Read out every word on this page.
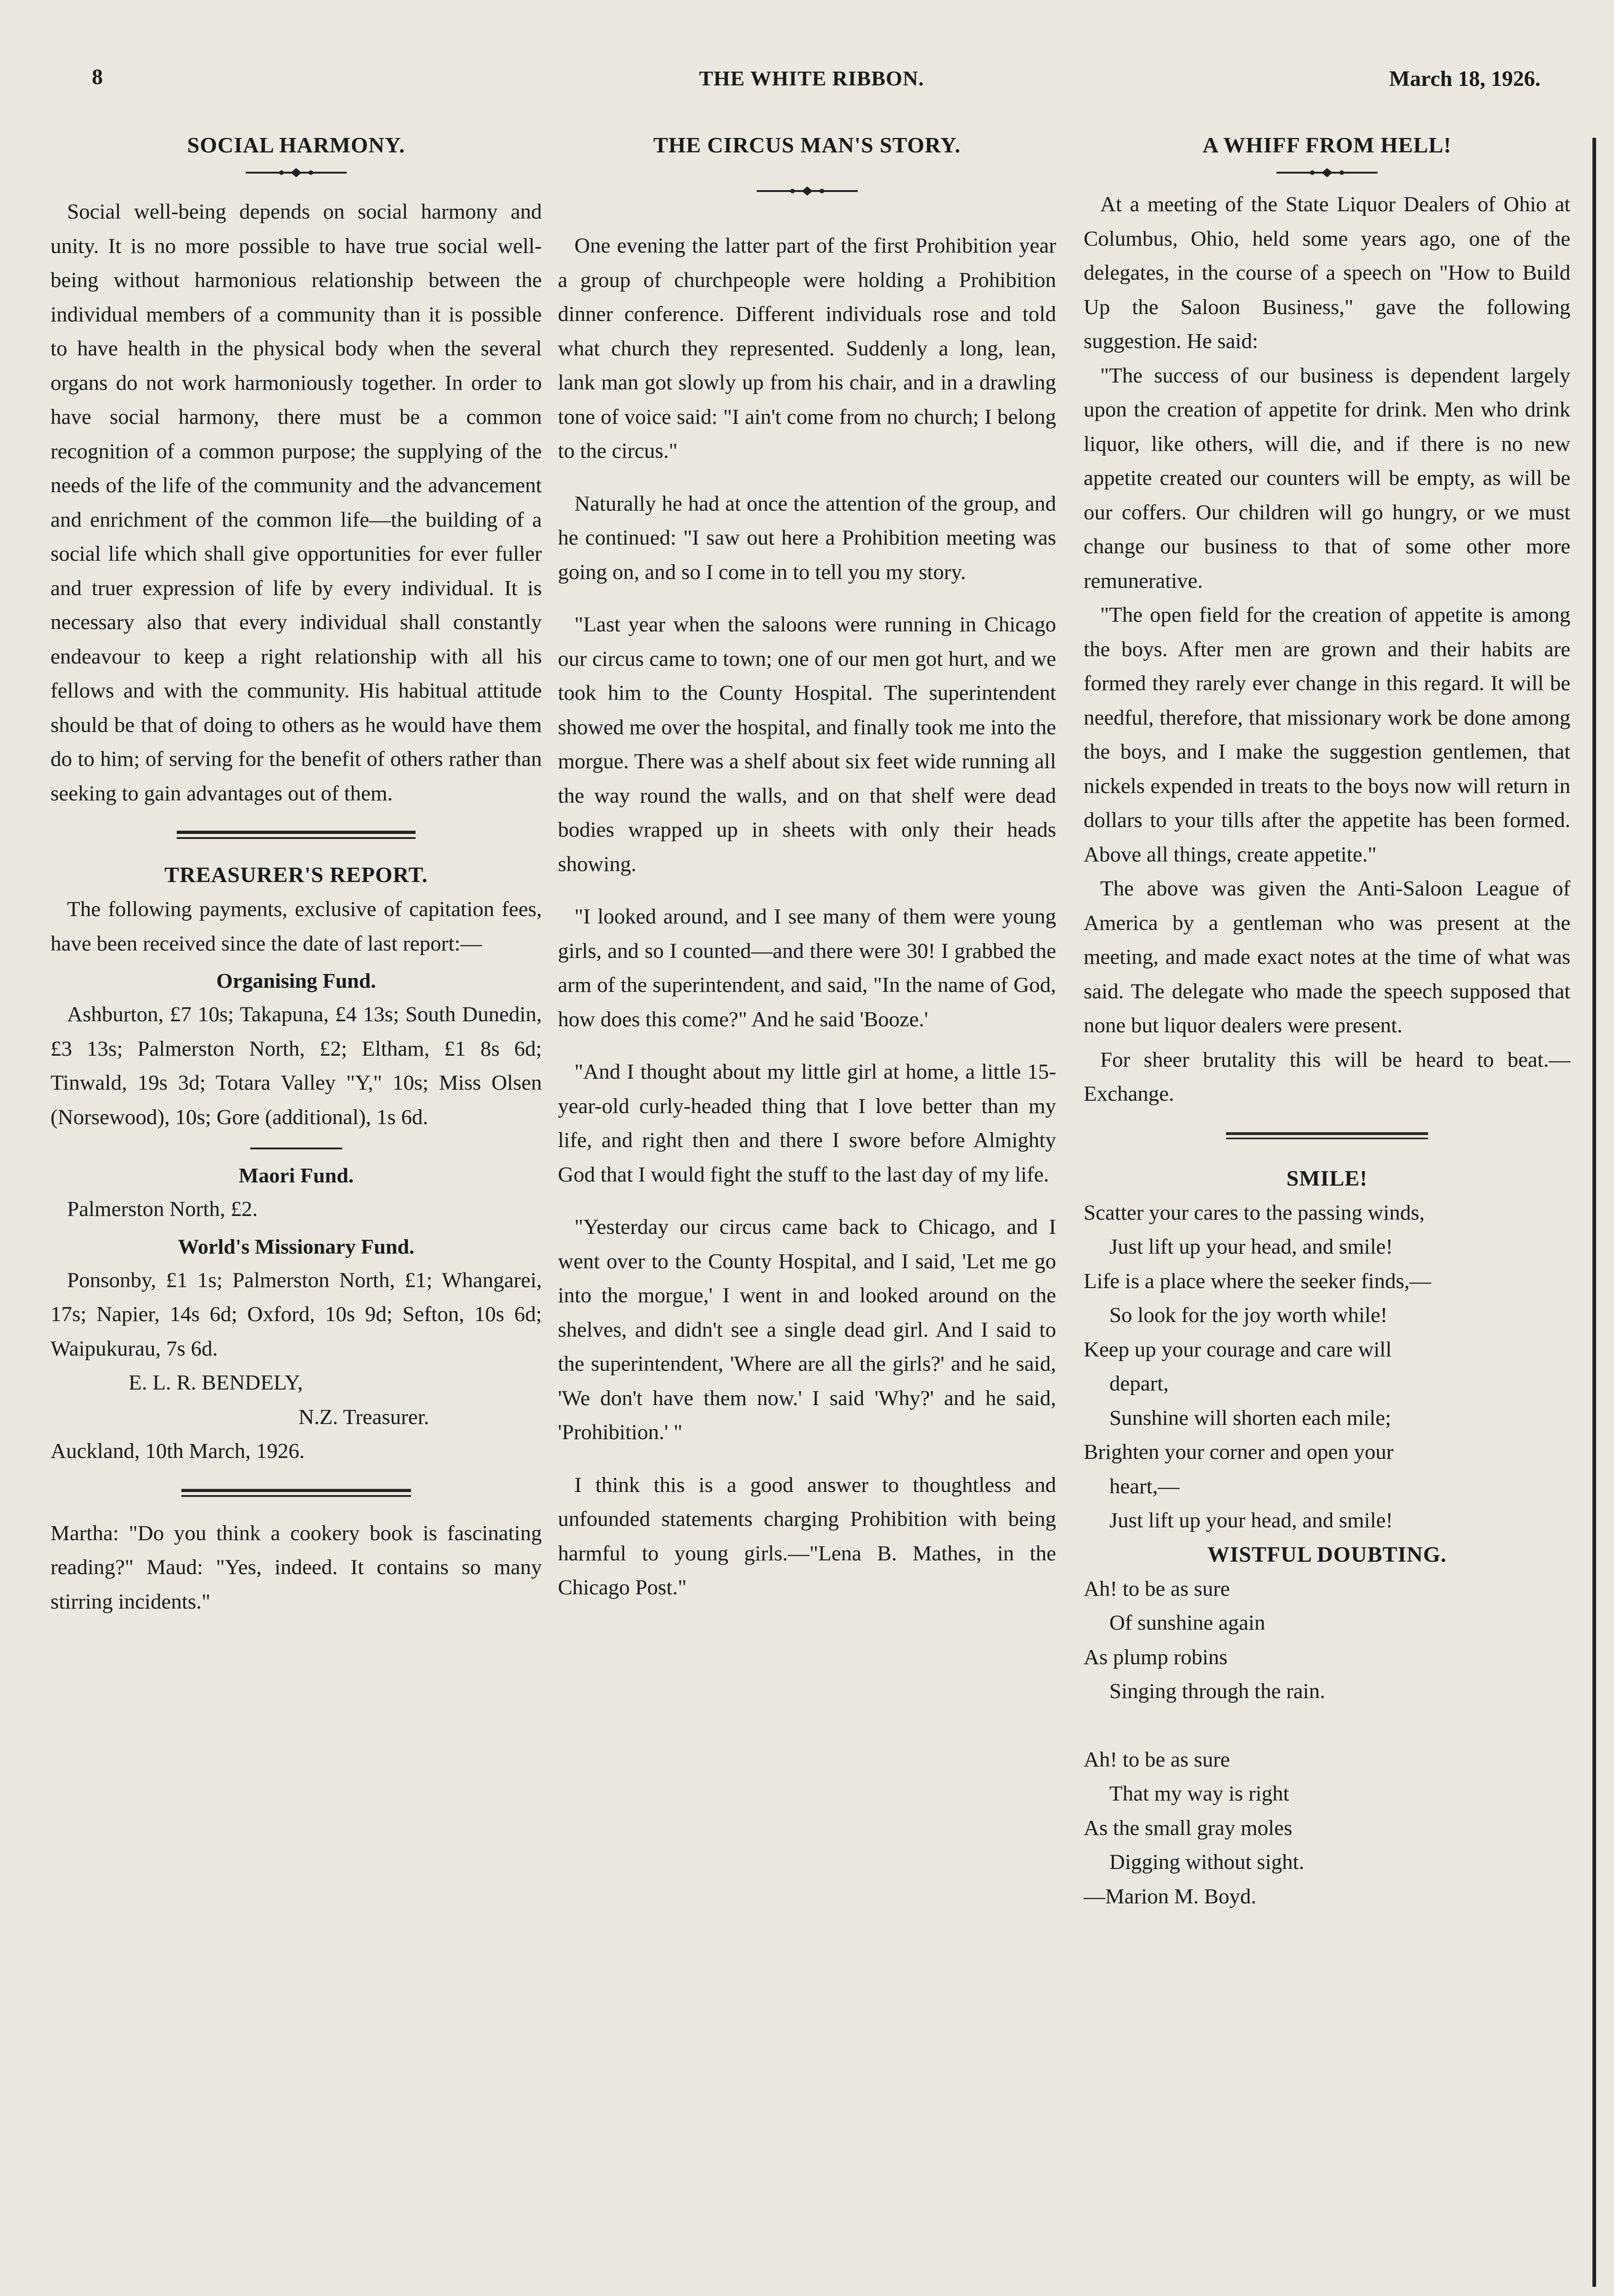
8	THE WHITE RIBBON.	March 18, 1926.
SOCIAL HARMONY.

Social well-being depends on social harmony and unity. It is no more possible to have true social well-being without harmonious relationship between the individual members of a community than it is possible to have health in the physical body when the several organs do not work harmoniously together. In order to have social harmony, there must be a common recognition of a common purpose; the supplying of the needs of the life of the community and the advancement and enrichment of the common life—the building of a social life which shall give opportunities for ever fuller and truer expression of life by every individual. It is necessary also that every individual shall constantly endeavour to keep a right relationship with all his fellows and with the community. His habitual attitude should be that of doing to others as he would have them do to him; of serving for the benefit of others rather than seeking to gain advantages out of them.

TREASURER'S REPORT.

The following payments, exclusive of capitation fees, have been received since the date of last report:—

Organising Fund.

Ashburton, £7 10s; Takapuna, £4 13s; South Dunedin, £3 13s; Palmerston North, £2; Eltham, £1 8s 6d; Tinwald, 19s 3d; Totara Valley "Y," 10s; Miss Olsen (Norsewood), 10s; Gore (additional), 1s 6d.

Maori Fund.

Palmerston North, £2.

World's Missionary Fund.

Ponsonby, £1 1s; Palmerston North, £1; Whangarei, 17s; Napier, 14s 6d; Oxford, 10s 9d; Sefton, 10s 6d; Waipukurau, 7s 6d.

E. L. R. BENDELY,

N.Z. Treasurer.

Auckland, 10th March, 1926.

Martha: "Do you think a cookery book is fascinating reading?" Maud: "Yes, indeed. It contains so many stirring incidents."

THE CIRCUS MAN'S STORY.

One evening the latter part of the first Prohibition year a group of churchpeople were holding a Prohibition dinner conference. Different individuals rose and told what church they represented. Suddenly a long, lean, lank man got slowly up from his chair, and in a drawling tone of voice said: "I ain't come from no church; I belong to the circus."

Naturally he had at once the attention of the group, and he continued: "I saw out here a Prohibition meeting was going on, and so I come in to tell you my story.

"Last year when the saloons were running in Chicago our circus came to town; one of our men got hurt, and we took him to the County Hospital. The superintendent showed me over the hospital, and finally took me into the morgue. There was a shelf about six feet wide running all the way round the walls, and on that shelf were dead bodies wrapped up in sheets with only their heads showing.

"I looked around, and I see many of them were young girls, and so I counted—and there were 30! I grabbed the arm of the superintendent, and said, "In the name of God, how does this come?" And he said 'Booze.'

"And I thought about my little girl at home, a little 15-year-old curly-headed thing that I love better than my life, and right then and there I swore before Almighty God that I would fight the stuff to the last day of my life.

"Yesterday our circus came back to Chicago, and I went over to the County Hospital, and I said, 'Let me go into the morgue,' I went in and looked around on the shelves, and didn't see a single dead girl. And I said to the superintendent, 'Where are all the girls?' and he said, 'We don't have them now.' I said 'Why?' and he said, 'Prohibition.' "

I think this is a good answer to thoughtless and unfounded statements charging Prohibition with being harmful to young girls.—"Lena B. Mathes, in the Chicago Post."

A WHIFF FROM HELL!

At a meeting of the State Liquor Dealers of Ohio at Columbus, Ohio, held some years ago, one of the delegates, in the course of a speech on "How to Build Up the Saloon Business," gave the following suggestion. He said:

"The success of our business is dependent largely upon the creation of appetite for drink. Men who drink liquor, like others, will die, and if there is no new appetite created our counters will be empty, as will be our coffers. Our children will go hungry, or we must change our business to that of some other more remunerative.

"The open field for the creation of appetite is among the boys. After men are grown and their habits are formed they rarely ever change in this regard. It will be needful, therefore, that missionary work be done among the boys, and I make the suggestion gentlemen, that nickels expended in treats to the boys now will return in dollars to your tills after the appetite has been formed. Above all things, create appetite."

The above was given the Anti-Saloon League of America by a gentleman who was present at the meeting, and made exact notes at the time of what was said. The delegate who made the speech supposed that none but liquor dealers were present.

For sheer brutality this will be heard to beat.—Exchange.

SMILE!

Scatter your cares to the passing winds,

Just lift up your head, and smile!

Life is a place where the seeker finds,—

So look for the joy worth while!

Keep up your courage and care will

depart,

Sunshine will shorten each mile;

Brighten your corner and open your

heart,—

Just lift up your head, and smile!

WISTFUL DOUBTING.

Ah! to be as sure

Of sunshine again

As plump robins

Singing through the rain.

Ah! to be as sure

That my way is right

As the small gray moles

Digging without sight.

—Marion M. Boyd.
